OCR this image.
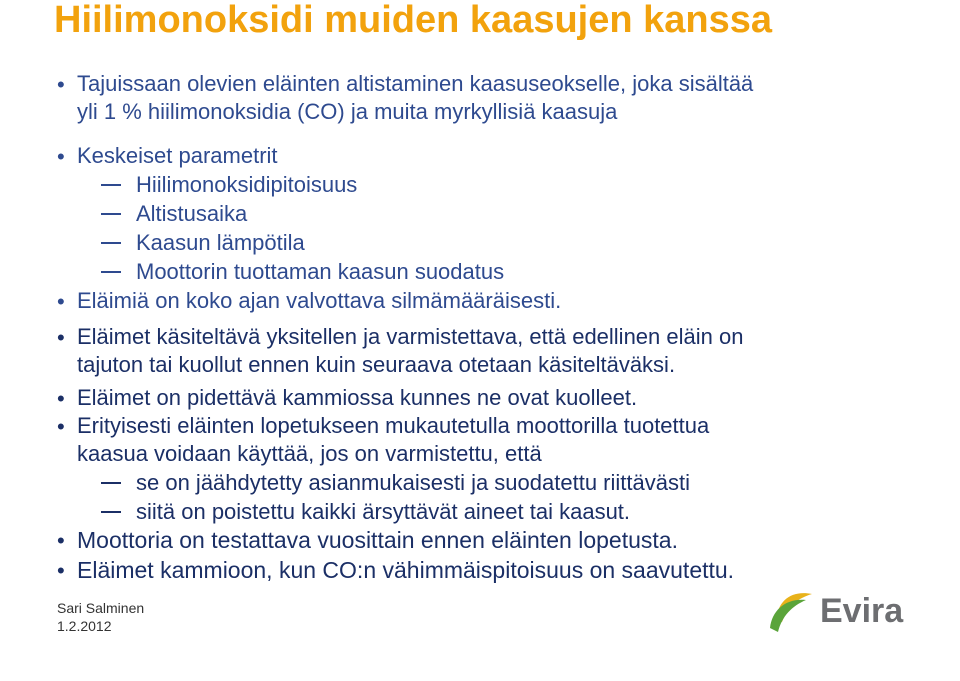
Hiilimonoksidi muiden kaasujen kanssa
• Tajuissaan olevien eläinten altistaminen kaasuseokselle, joka sisältää
yli 1 % hiilimonoksidia (CO) ja muita myrkyllisiä kaasuja
• Keskeiset parametrit
Hiilimonoksidipitoisuus
Altistusaika
Kaasun lämpötila
Moottorin tuottaman kaasun suodatus
• Eläimiä on koko ajan valvottava silmämääräisesti.
• Eläimet käsiteltävä yksitellen ja varmistettava, että edellinen eläin on
tajuton tai kuollut ennen kuin seuraava otetaan käsiteltäväksi.
• Eläimet on pidettävä kammiossa kunnes ne ovat kuolleet.
• Erityisesti eläinten lopetukseen mukautetulla moottorilla tuotettua
kaasua voidaan käyttää, jos on varmistettu, että
se on jäähdytetty asianmukaisesti ja suodatettu riittävästi
siitä on poistettu kaikki ärsyttävät aineet tai kaasut.
• Moottoria on testattava vuosittain ennen eläinten lopetusta.
• Eläimet kammioon, kun CO:n vähimmäispitoisuus on saavutettu.
Sari Salminen
1.2.2012	Evira
